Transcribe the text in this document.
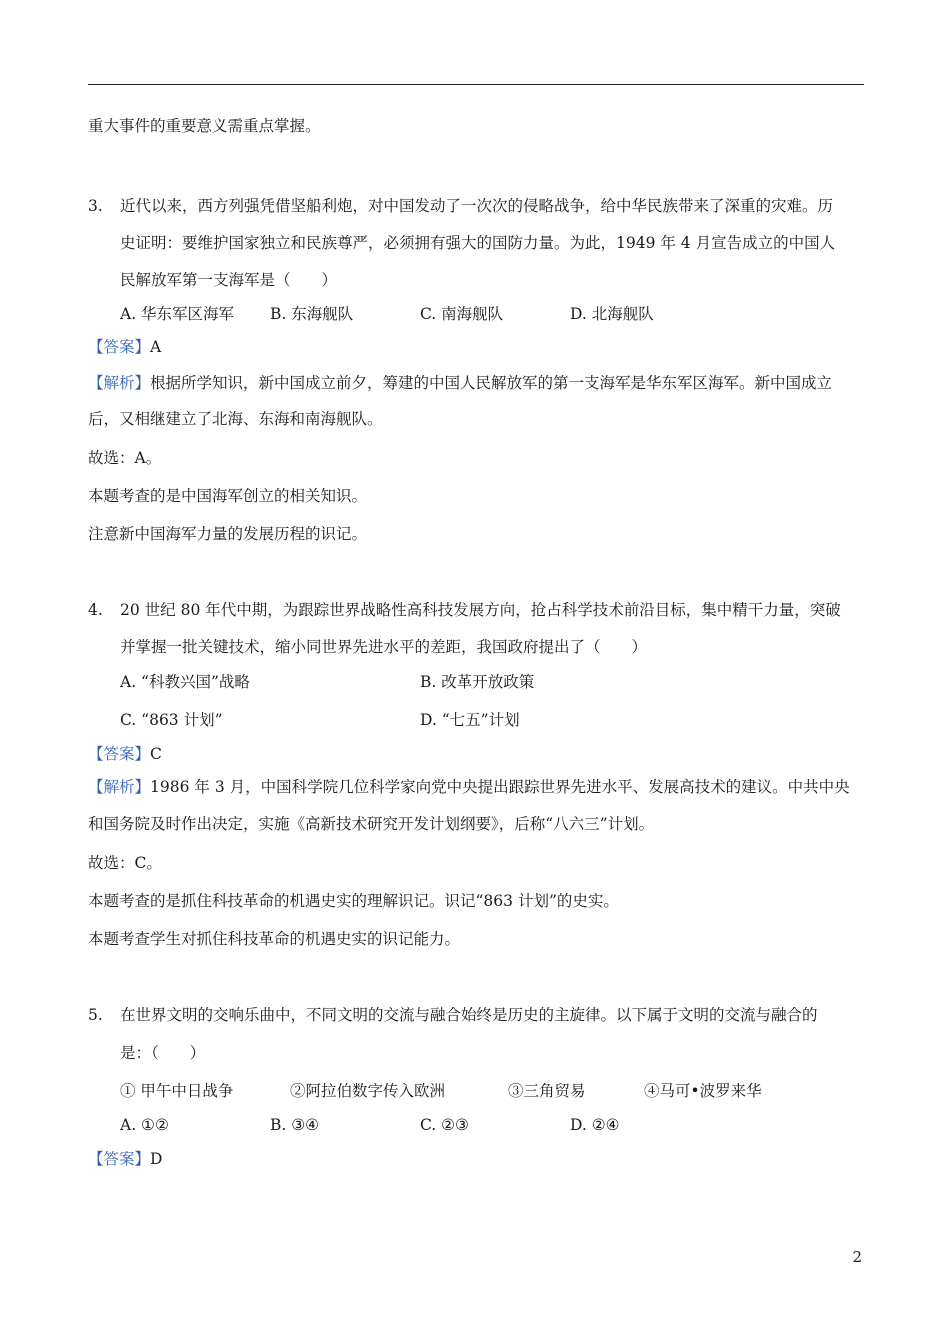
重大事件的重要意义需重点掌握。
3. 近代以来，西方列强凭借坚船利炮，对中国发动了一次次的侵略战争，给中华民族带来了深重的灾难。历
史证明：要维护国家独立和民族尊严，必须拥有强大的国防力量。为此，1949 年 4 月宣告成立的中国人
民解放军第一支海军是（　　）
A. 华东军区海军 B. 东海舰队	C. 南海舰队	D. 北海舰队
【答案】A
【解析】根据所学知识，新中国成立前夕，筹建的中国人民解放军的第一支海军是华东军区海军。新中国成立
后，又相继建立了北海、东海和南海舰队。
故选：A。
本题考查的是中国海军创立的相关知识。
注意新中国海军力量的发展历程的识记。
4. 20 世纪 80 年代中期，为跟踪世界战略性高科技发展方向，抢占科学技术前沿目标，集中精干力量，突破
并掌握一批关键技术，缩小同世界先进水平的差距，我国政府提出了（　　）
A. “科教兴国”战略	B. 改革开放政策
C. “863 计划”	D. “七五”计划
【答案】C
【解析】1986 年 3 月，中国科学院几位科学家向党中央提出跟踪世界先进水平、发展高技术的建议。中共中央
和国务院及时作出决定，实施《高新技术研究开发计划纲要》，后称“八六三”计划。
故选：C。
本题考查的是抓住科技革命的机遇史实的理解识记。识记“863 计划”的史实。
本题考查学生对抓住科技革命的机遇史实的识记能力。
5. 在世界文明的交响乐曲中，不同文明的交流与融合始终是历史的主旋律。以下属于文明的交流与融合的
是：（　　）
① 甲午中日战争	②阿拉伯数字传入欧洲	③三角贸易	④马可•波罗来华
A. ①②	B. ③④	C. ②③	D. ②④
【答案】D
2
